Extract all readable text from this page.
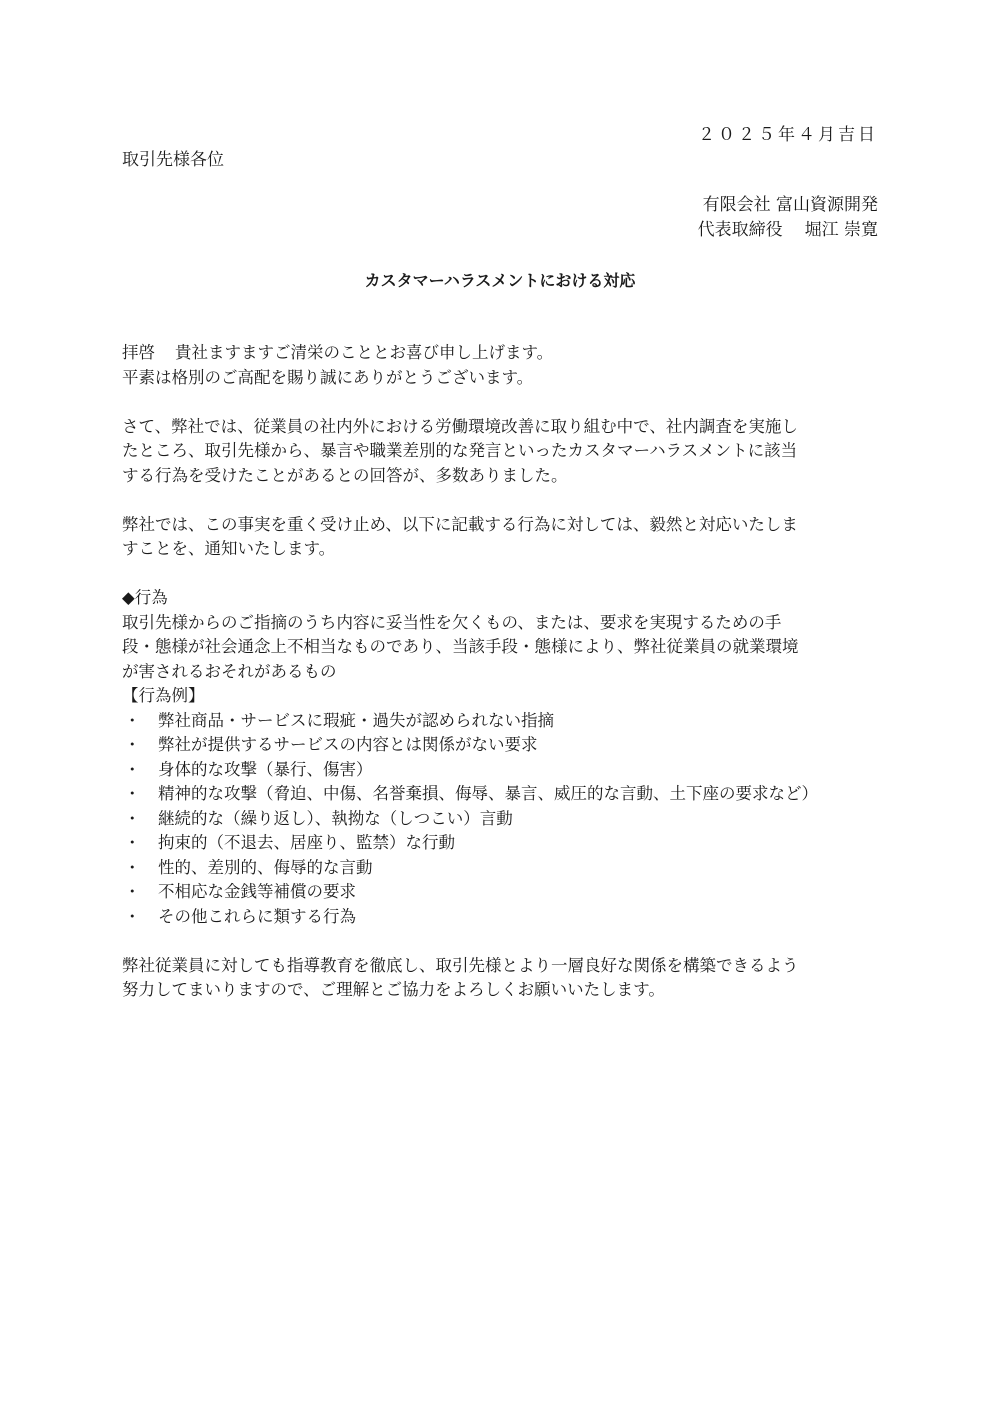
２０２５年４月吉日
取引先様各位
有限会社 富山資源開発
代表取締役 堀江 崇寛
カスタマーハラスメントにおける対応

拝啓 貴社ますますご清栄のこととお喜び申し上げます。

平素は格別のご高配を賜り誠にありがとうございます。

さて、弊社では、従業員の社内外における労働環境改善に取り組む中で、社内調査を実施し

たところ、取引先様から、暴言や職業差別的な発言といったカスタマーハラスメントに該当

する行為を受けたことがあるとの回答が、多数ありました。

弊社では、この事実を重く受け止め、以下に記載する行為に対しては、毅然と対応いたしま

すことを、通知いたします。

◆行為

取引先様からのご指摘のうち内容に妥当性を欠くもの、または、要求を実現するための手

段・態様が社会通念上不相当なものであり、当該手段・態様により、弊社従業員の就業環境

が害されるおそれがあるもの

【行為例】

・ 弊社商品・サービスに瑕疵・過失が認められない指摘
・ 弊社が提供するサービスの内容とは関係がない要求
・ 身体的な攻撃（暴行、傷害）
・ 精神的な攻撃（脅迫、中傷、名誉棄損、侮辱、暴言、威圧的な言動、土下座の要求など）
・ 継続的な（繰り返し）、執拗な（しつこい）言動
・ 拘束的（不退去、居座り、監禁）な行動
・ 性的、差別的、侮辱的な言動
・ 不相応な金銭等補償の要求
・ その他これらに類する行為

弊社従業員に対しても指導教育を徹底し、取引先様とより一層良好な関係を構築できるよう

努力してまいりますので、ご理解とご協力をよろしくお願いいたします。
